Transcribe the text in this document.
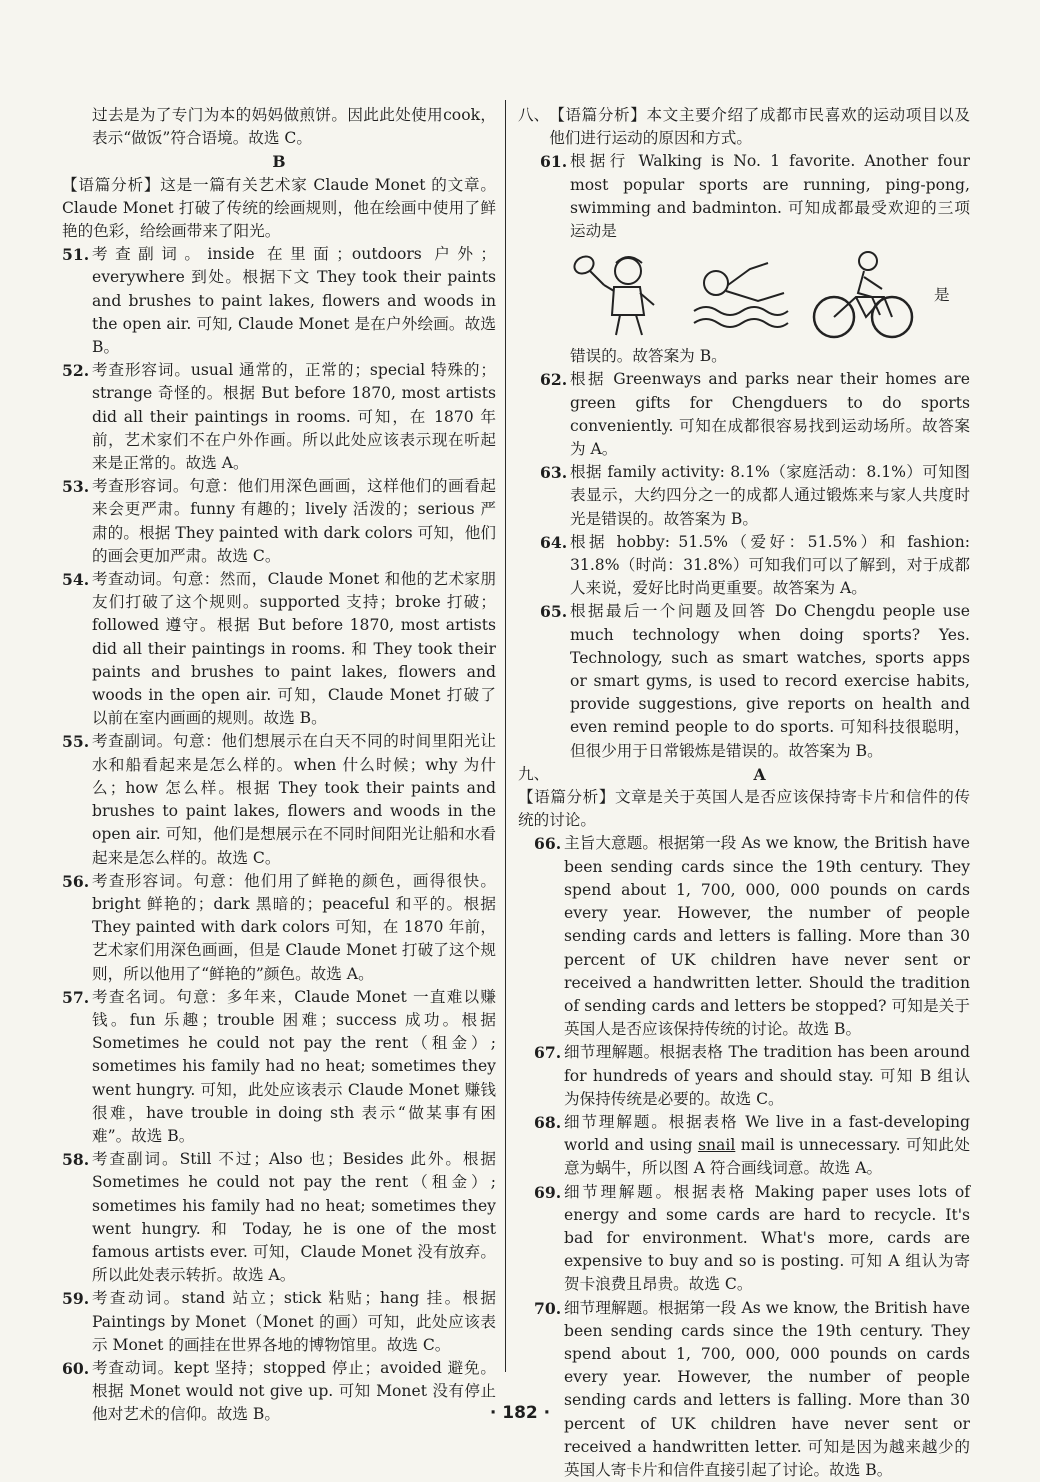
过去是为了专门为本的妈妈做煎饼。因此此处使用cook，表示“做饭”符合语境。故选 C。

B

【语篇分析】这是一篇有关艺术家 Claude Monet 的文章。Claude Monet 打破了传统的绘画规则，他在绘画中使用了鲜艳的色彩，给绘画带来了阳光。

51. 考查副词。inside 在里面；outdoors 户外；everywhere 到处。根据下文 They took their paints and brushes to paint lakes, flowers and woods in the open air. 可知, Claude Monet 是在户外绘画。故选 B。
52. 考查形容词。usual 通常的，正常的；special 特殊的；strange 奇怪的。根据 But before 1870, most artists did all their paintings in rooms. 可知，在 1870 年前，艺术家们不在户外作画。所以此处应该表示现在听起来是正常的。故选 A。
53. 考查形容词。句意：他们用深色画画，这样他们的画看起来会更严肃。funny 有趣的；lively 活泼的；serious 严肃的。根据 They painted with dark colors 可知，他们的画会更加严肃。故选 C。
54. 考查动词。句意：然而，Claude Monet 和他的艺术家朋友们打破了这个规则。supported 支持；broke 打破；followed 遵守。根据 But before 1870, most artists did all their paintings in rooms. 和 They took their paints and brushes to paint lakes, flowers and woods in the open air. 可知，Claude Monet 打破了以前在室内画画的规则。故选 B。
55. 考查副词。句意：他们想展示在白天不同的时间里阳光让水和船看起来是怎么样的。when 什么时候；why 为什么；how 怎么样。根据 They took their paints and brushes to paint lakes, flowers and woods in the open air. 可知，他们是想展示在不同时间阳光让船和水看起来是怎么样的。故选 C。
56. 考查形容词。句意：他们用了鲜艳的颜色，画得很快。bright 鲜艳的；dark 黑暗的；peaceful 和平的。根据 They painted with dark colors 可知，在 1870 年前，艺术家们用深色画画，但是 Claude Monet 打破了这个规则，所以他用了“鲜艳的”颜色。故选 A。
57. 考查名词。句意：多年来，Claude Monet 一直难以赚钱。fun 乐趣；trouble 困难；success 成功。根据 Sometimes he could not pay the rent（租金）; sometimes his family had no heat; sometimes they went hungry. 可知，此处应该表示 Claude Monet 赚钱很难，have trouble in doing sth 表示“做某事有困难”。故选 B。
58. 考查副词。Still 不过；Also 也；Besides 此外。根据 Sometimes he could not pay the rent（租金）; sometimes his family had no heat; sometimes they went hungry. 和 Today, he is one of the most famous artists ever. 可知，Claude Monet 没有放弃。所以此处表示转折。故选 A。
59. 考查动词。stand 站立；stick 粘贴；hang 挂。根据 Paintings by Monet（Monet 的画）可知，此处应该表示 Monet 的画挂在世界各地的博物馆里。故选 C。
60. 考查动词。kept 坚持；stopped 停止；avoided 避免。根据 Monet would not give up. 可知 Monet 没有停止他对艺术的信仰。故选 B。
八、 【语篇分析】本文主要介绍了成都市民喜欢的运动项目以及他们进行运动的原因和方式。
61. 根据行 Walking is No. 1 favorite. Another four most popular sports are running, ping-pong, swimming and badminton. 可知成都最受欢迎的三项运动是
是

错误的。故答案为 B。

62. 根据 Greenways and parks near their homes are green gifts for Chengduers to do sports conveniently. 可知在成都很容易找到运动场所。故答案为 A。
63. 根据 family activity: 8.1%（家庭活动：8.1%）可知图表显示，大约四分之一的成都人通过锻炼来与家人共度时光是错误的。故答案为 B。
64. 根据 hobby: 51.5%（爱好：51.5%）和 fashion: 31.8%（时尚：31.8%）可知我们可以了解到，对于成都人来说，爱好比时尚更重要。故答案为 A。
65. 根据最后一个问题及回答 Do Chengdu people use much technology when doing sports? Yes. Technology, such as smart watches, sports apps or smart gyms, is used to record exercise habits, provide suggestions, give reports on health and even remind people to do sports. 可知科技很聪明，但很少用于日常锻炼是错误的。故答案为 B。
九、	A

【语篇分析】文章是关于英国人是否应该保持寄卡片和信件的传统的讨论。

66. 主旨大意题。根据第一段 As we know, the British have been sending cards since the 19th century. They spend about 1, 700, 000, 000 pounds on cards every year. However, the number of people sending cards and letters is falling. More than 30 percent of UK children have never sent or received a handwritten letter. Should the tradition of sending cards and letters be stopped? 可知是关于英国人是否应该保持传统的讨论。故选 B。
67. 细节理解题。根据表格 The tradition has been around for hundreds of years and should stay. 可知 B 组认为保持传统是必要的。故选 C。
68. 细节理解题。根据表格 We live in a fast-developing world and using snail mail is unnecessary. 可知此处意为蜗牛，所以图 A 符合画线词意。故选 A。
69. 细节理解题。根据表格 Making paper uses lots of energy and some cards are hard to recycle. It's bad for environment. What's more, cards are expensive to buy and so is posting. 可知 A 组认为寄贺卡浪费且昂贵。故选 C。
70. 细节理解题。根据第一段 As we know, the British have been sending cards since the 19th century. They spend about 1, 700, 000, 000 pounds on cards every year. However, the number of people sending cards and letters is falling. More than 30 percent of UK children have never sent or received a handwritten letter. 可知是因为越来越少的英国人寄卡片和信件直接引起了讨论。故选 B。
· 182 ·
